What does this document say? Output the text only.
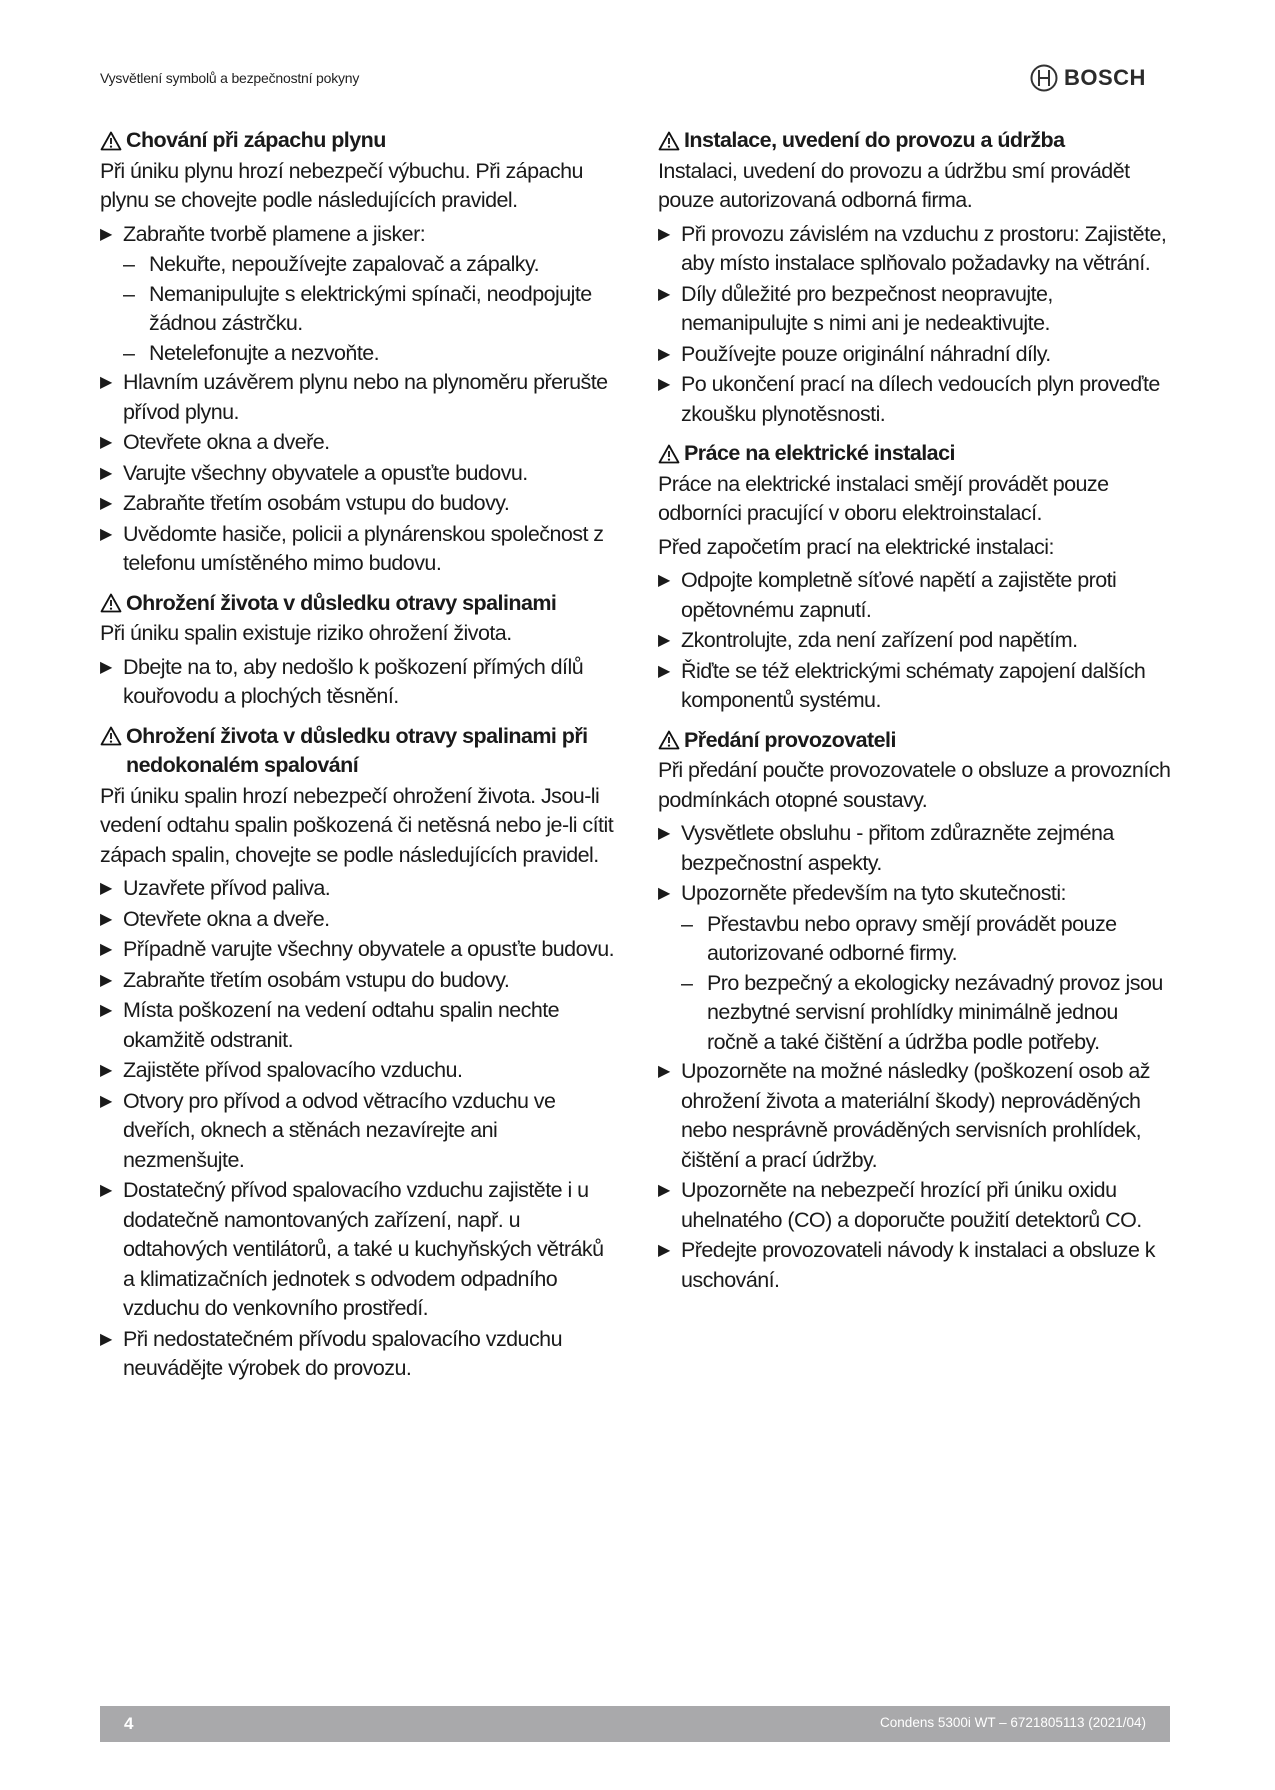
Vysvětlení symbolů a bezpečnostní pokyny	BOSCH
Chování při zápachu plynu

Při úniku plynu hrozí nebezpečí výbuchu. Při zápachu plynu se chovejte podle následujících pravidel.

▶ Zabraňte tvorbě plamene a jisker:
– Nekuřte, nepoužívejte zapalovač a zápalky.
– Nemanipulujte s elektrickými spínači, neodpojujte žádnou zástrčku.
– Netelefonujte a nezvoňte.
▶ Hlavním uzávěrem plynu nebo na plynoměru přerušte přívod plynu.
▶ Otevřete okna a dveře.
▶ Varujte všechny obyvatele a opusťte budovu.
▶ Zabraňte třetím osobám vstupu do budovy.
▶ Uvědomte hasiče, policii a plynárenskou společnost z telefonu umístěného mimo budovu.
Ohrožení života v důsledku otravy spalinami

Při úniku spalin existuje riziko ohrožení života.

▶ Dbejte na to, aby nedošlo k poškození přímých dílů kouřovodu a plochých těsnění.
Ohrožení života v důsledku otravy spalinami při nedokonalém spalování

Při úniku spalin hrozí nebezpečí ohrožení života. Jsou-li vedení odtahu spalin poškozená či netěsná nebo je-li cítit zápach spalin, chovejte se podle následujících pravidel.

▶ Uzavřete přívod paliva.
▶ Otevřete okna a dveře.
▶ Případně varujte všechny obyvatele a opusťte budovu.
▶ Zabraňte třetím osobám vstupu do budovy.
▶ Místa poškození na vedení odtahu spalin nechte okamžitě odstranit.
▶ Zajistěte přívod spalovacího vzduchu.
▶ Otvory pro přívod a odvod větracího vzduchu ve dveřích, oknech a stěnách nezavírejte ani nezmenšujte.
▶ Dostatečný přívod spalovacího vzduchu zajistěte i u dodatečně namontovaných zařízení, např. u odtahových ventilátorů, a také u kuchyňských větráků a klimatizačních jednotek s odvodem odpadního vzduchu do venkovního prostředí.
▶ Při nedostatečném přívodu spalovacího vzduchu neuvádějte výrobek do provozu.
Instalace, uvedení do provozu a údržba

Instalaci, uvedení do provozu a údržbu smí provádět pouze autorizovaná odborná firma.

▶ Při provozu závislém na vzduchu z prostoru: Zajistěte, aby místo instalace splňovalo požadavky na větrání.
▶ Díly důležité pro bezpečnost neopravujte, nemanipulujte s nimi ani je nedeaktivujte.
▶ Používejte pouze originální náhradní díly.
▶ Po ukončení prací na dílech vedoucích plyn proveďte zkoušku plynotěsnosti.
Práce na elektrické instalaci

Práce na elektrické instalaci smějí provádět pouze odborníci pracující v oboru elektroinstalací.

Před započetím prací na elektrické instalaci:

▶ Odpojte kompletně síťové napětí a zajistěte proti opětovnému zapnutí.
▶ Zkontrolujte, zda není zařízení pod napětím.
▶ Řiďte se též elektrickými schématy zapojení dalších komponentů systému.
Předání provozovateli

Při předání poučte provozovatele o obsluze a provozních podmínkách otopné soustavy.

▶ Vysvětlete obsluhu - přitom zdůrazněte zejména bezpečnostní aspekty.
▶ Upozorněte především na tyto skutečnosti:
– Přestavbu nebo opravy smějí provádět pouze autorizované odborné firmy.
– Pro bezpečný a ekologicky nezávadný provoz jsou nezbytné servisní prohlídky minimálně jednou ročně a také čištění a údržba podle potřeby.
▶ Upozorněte na možné následky (poškození osob až ohrožení života a materiální škody) neprováděných nebo nesprávně prováděných servisních prohlídek, čištění a prací údržby.
▶ Upozorněte na nebezpečí hrozící při úniku oxidu uhelnatého (CO) a doporučte použití detektorů CO.
▶ Předejte provozovateli návody k instalaci a obsluze k uschování.
4	Condens 5300i WT – 6721805113 (2021/04)
